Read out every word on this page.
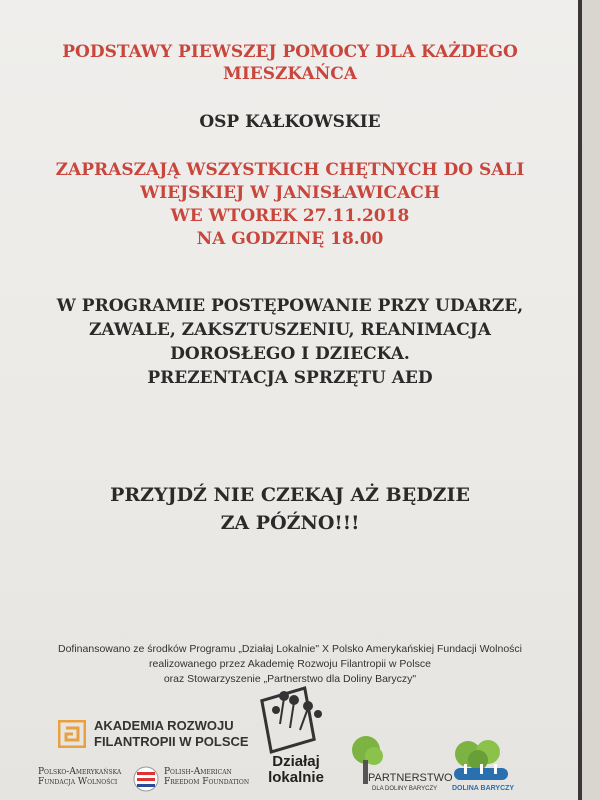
PODSTAWY PIEWSZEJ POMOCY DLA KAŻDEGO
MIESZKAŃCA
OSP KAŁKOWSKIE
ZAPRASZAJĄ WSZYSTKICH CHĘTNYCH DO SALI
WIEJSKIEJ W JANISŁAWICACH
WE WTOREK 27.11.2018
NA GODZINĘ 18.00
W PROGRAMIE POSTĘPOWANIE PRZY UDARZE,
ZAWALE, ZAKSZTUSZENIU, REANIMACJA
DOROSŁEGO I DZIECKA.
PREZENTACJA SPRZĘTU AED
PRZYJDŹ NIE CZEKAJ AŻ BĘDZIE
ZA PÓŹNO!!!
Dofinansowano ze środków Programu „Działaj Lokalnie" X Polsko Amerykańskiej Fundacji Wolności
realizowanego przez Akademię Rozwoju Filantropii w Polsce
oraz Stowarzyszenie „Partnerstwo dla Doliny Baryczy"
AKADEMIA ROZWOJU
FILANTROPII W POLSCE
Polsko-Amerykańska
Fundacja Wolności
Polish-American
Freedom Foundation
Działaj
lokalnie	PARTNERSTWO
DLA DOLINY BARYCZY DOLINA BARYCZY
